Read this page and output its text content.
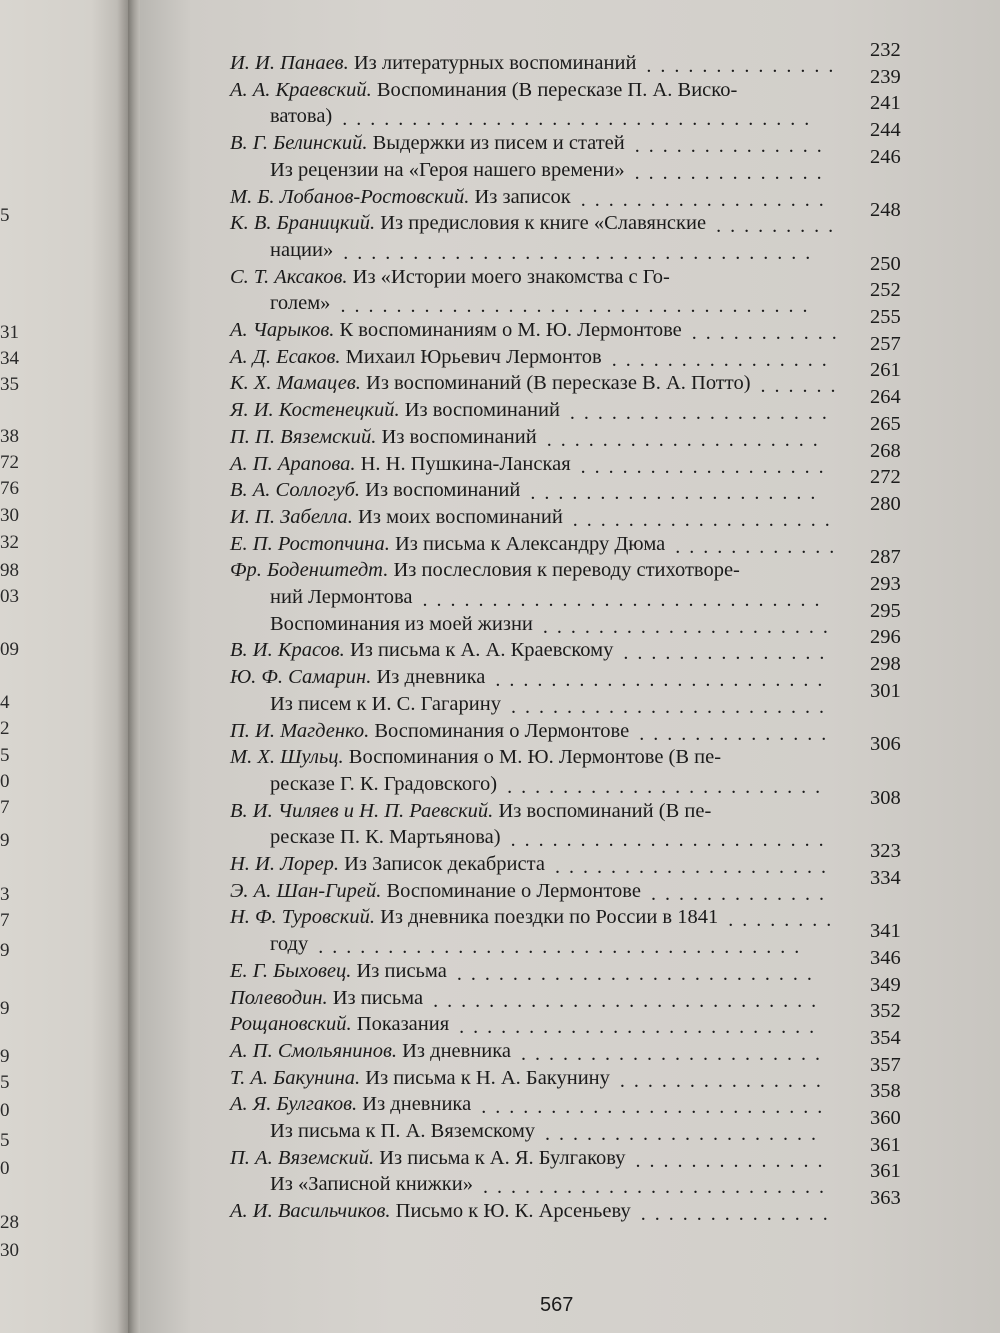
5
31
34
35
38
72
76
30
32
98
03
09
4
2
5
0
7
9
3
7
9
9
9
5
0
5
0
28
30
567
И. И. Панаев. Из литературных воспоминаний ..............
232
А. А. Краевский. Воспоминания (В пересказе П. А. Виско-
239
ватова) ..................................
241
В. Г. Белинский. Выдержки из писем и статей ..............
244
Из рецензии на «Героя нашего времени» ..............
246
М. Б. Лобанов-Ростовский. Из записок ..................
К. В. Браницкий. Из предисловия к книге «Славянские .........
248
нации» ..................................
С. Т. Аксаков. Из «Истории моего знакомства с Го-
250
голем» ..................................
252
А. Чарыков. К воспоминаниям о М. Ю. Лермонтове ...........
255
А. Д. Есаков. Михаил Юрьевич Лермонтов ................
257
К. Х. Мамацев. Из воспоминаний (В пересказе В. А. Потто) ......
261
Я. И. Костенецкий. Из воспоминаний ...................
264
П. П. Вяземский. Из воспоминаний ....................
265
А. П. Арапова. Н. Н. Пушкина-Ланская ..................
268
В. А. Соллогуб. Из воспоминаний .....................
272
И. П. Забелла. Из моих воспоминаний ...................
280
Е. П. Ростопчина. Из письма к Александру Дюма ............
Фр. Боденштедт. Из послесловия к переводу стихотворе-
287
ний Лермонтова .............................
293
Воспоминания из моей жизни .....................
295
В. И. Красов. Из письма к А. А. Краевскому ...............
296
Ю. Ф. Самарин. Из дневника ........................
298
Из писем к И. С. Гагарину .......................
301
П. И. Магденко. Воспоминания о Лермонтове ..............
М. Х. Шульц. Воспоминания о М. Ю. Лермонтове (В пе-
306
ресказе Г. К. Градовского) .......................
В. И. Чиляев и Н. П. Раевский. Из воспоминаний (В пе-
308
ресказе П. К. Мартьянова) .......................
Н. И. Лорер. Из Записок декабриста ....................
323
Э. А. Шан-Гирей. Воспоминание о Лермонтове .............
334
Н. Ф. Туровский. Из дневника поездки по России в 1841 ........
году ...................................
341
Е. Г. Быховец. Из письма ..........................
346
Полеводин. Из письма ............................
349
Рощановский. Показания ..........................
352
А. П. Смольянинов. Из дневника ......................
354
Т. А. Бакунина. Из письма к Н. А. Бакунину ...............
357
А. Я. Булгаков. Из дневника .........................
358
Из письма к П. А. Вяземскому ....................
360
П. А. Вяземский. Из письма к А. Я. Булгакову ..............
361
Из «Записной книжки» .........................
361
А. И. Васильчиков. Письмо к Ю. К. Арсеньеву ..............
363
